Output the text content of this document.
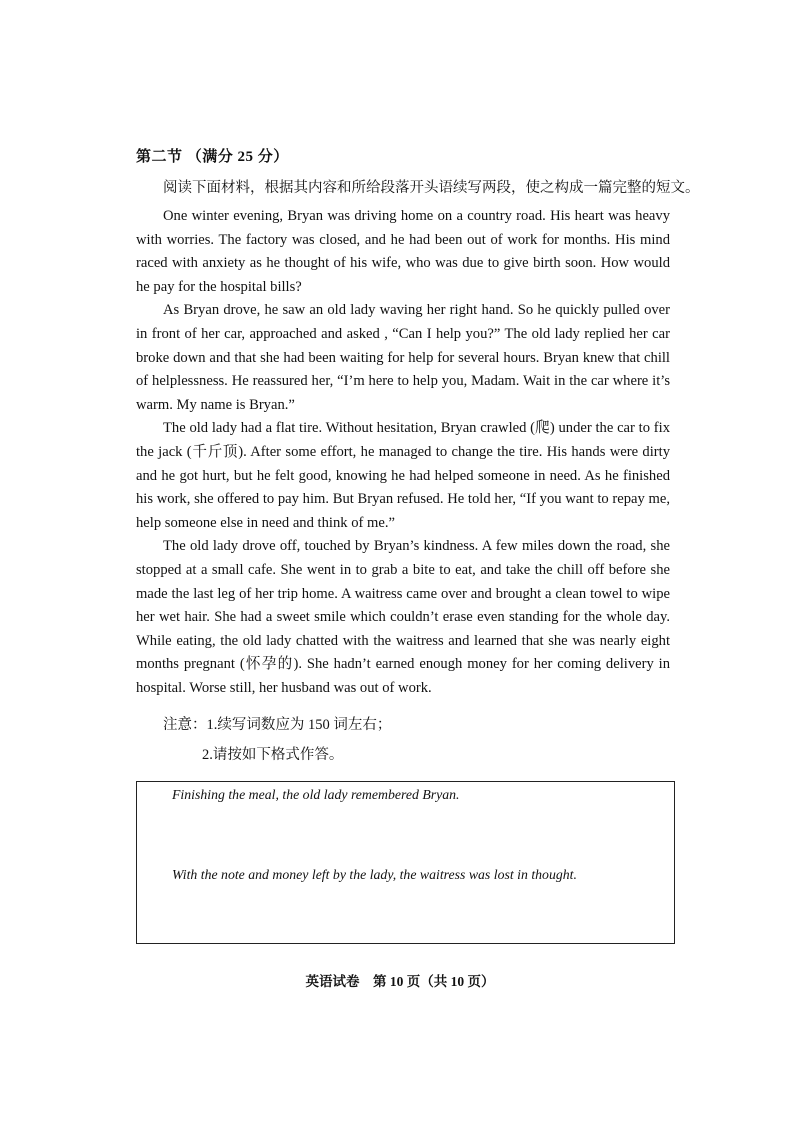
第二节 （满分 25 分）
阅读下面材料，根据其内容和所给段落开头语续写两段，使之构成一篇完整的短文。

One winter evening, Bryan was driving home on a country road. His heart was heavy with worries. The factory was closed, and he had been out of work for months. His mind raced with anxiety as he thought of his wife, who was due to give birth soon. How would he pay for the hospital bills?

As Bryan drove, he saw an old lady waving her right hand. So he quickly pulled over in front of her car, approached and asked , “Can I help you?” The old lady replied her car broke down and that she had been waiting for help for several hours. Bryan knew that chill of helplessness. He reassured her, “I’m here to help you, Madam. Wait in the car where it’s warm. My name is Bryan.”

The old lady had a flat tire. Without hesitation, Bryan crawled (爬) under the car to fix the jack (千斤顶). After some effort, he managed to change the tire. His hands were dirty and he got hurt, but he felt good, knowing he had helped someone in need. As he finished his work, she offered to pay him. But Bryan refused. He told her, “If you want to repay me, help someone else in need and think of me.”

The old lady drove off, touched by Bryan’s kindness. A few miles down the road, she stopped at a small cafe. She went in to grab a bite to eat, and take the chill off before she made the last leg of her trip home. A waitress came over and brought a clean towel to wipe her wet hair. She had a sweet smile which couldn’t erase even standing for the whole day. While eating, the old lady chatted with the waitress and learned that she was nearly eight months pregnant (怀孕的). She hadn’t earned enough money for her coming delivery in hospital. Worse still, her husband was out of work.

注意：1.续写词数应为 150 词左右；
2.请按如下格式作答。
Finishing the meal, the old lady remembered Bryan.
With the note and money left by the lady, the waitress was lost in thought.
英语试卷　第 10 页（共 10 页）
